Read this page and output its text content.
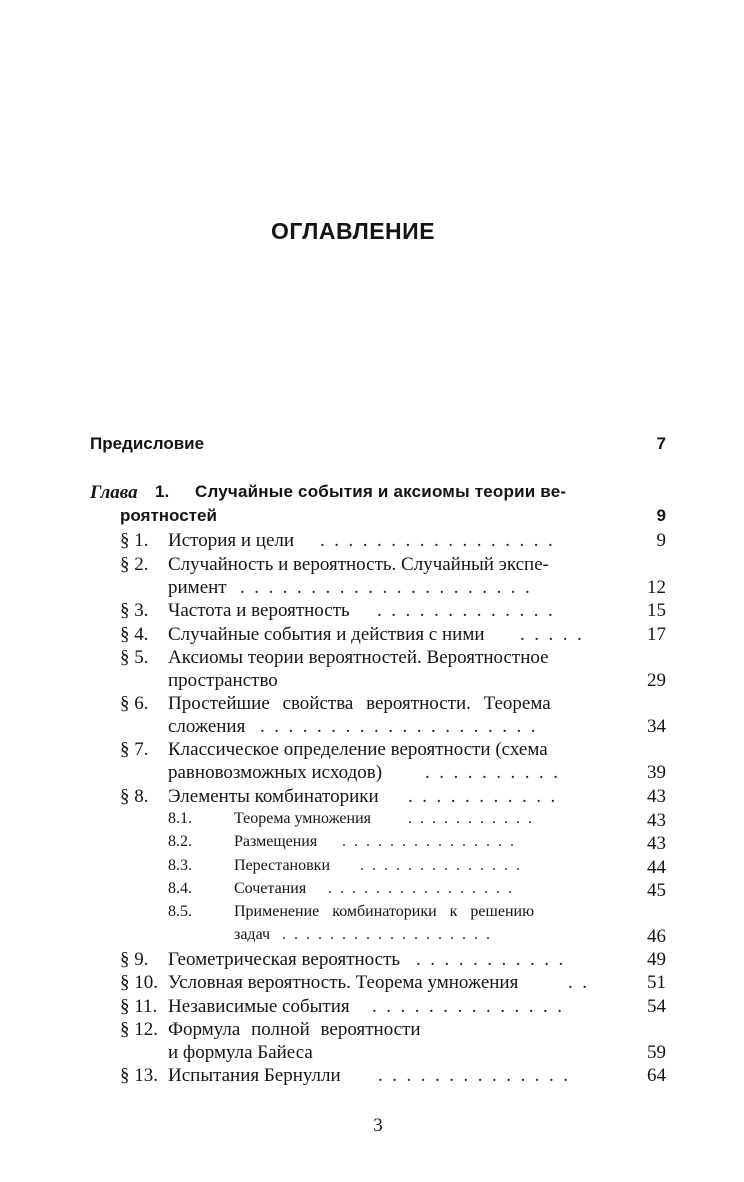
ОГЛАВЛЕНИЕ
Предисловие	7
Глава 1. Случайные события и аксиомы теории ве-
роятностей	9
§ 1. История и цели .  .  .  .  .  .  .  .  .  .  .  .  .  .  .  .  .	9
§ 2. Случайность и вероятность. Случайный экспе-
римент .  .  .  .  .  .  .  .  .  .  .  .  .  .  .  .  .  .  .  .  .	12
§ 3. Частота и вероятность .  .  .  .  .  .  .  .  .  .  .  .  .	15
§ 4. Случайные события и действия с ними .  .  .  .  .	17
§ 5. Аксиомы теории вероятностей. Вероятностное
пространство	29
§ 6. Простейшие свойства вероятности. Теорема
сложения .  .  .  .  .  .  .  .  .  .  .  .  .  .  .  .  .  .  .  .	34
§ 7. Классическое определение вероятности (схема
равновозможных исходов) .  .  .  .  .  .  .  .  .  .	39
§ 8. Элементы комбинаторики .  .  .  .  .  .  .  .  .  .  .	43
8.1.	Теорема умножения .  .  .  .  .  .  .  .  .  .  .	43
8.2.	Размещения .  .  .  .  .  .  .  .  .  .  .  .  .  .  .	43
8.3.	Перестановки .  .  .  .  .  .  .  .  .  .  .  .  .  .	44
8.4.	Сочетания .  .  .  .  .  .  .  .  .  .  .  .  .  .  .  .	45
8.5.	Применение комбинаторики к решению
задач .  .  .  .  .  .  .  .  .  .  .  .  .  .  .  .  .  .	46
§ 9. Геометрическая вероятность .  .  .  .  .  .  .  .  .  .  .	49
§ 10. Условная вероятность. Теорема умножения	.  .	51
§ 11. Независимые события .  .  .  .  .  .  .  .  .  .  .  .  .  .	54
§ 12. Формула полной вероятности
и формула Байеса	59
§ 13. Испытания Бернулли .  .  .  .  .  .  .  .  .  .  .  .  .  .	64
3
